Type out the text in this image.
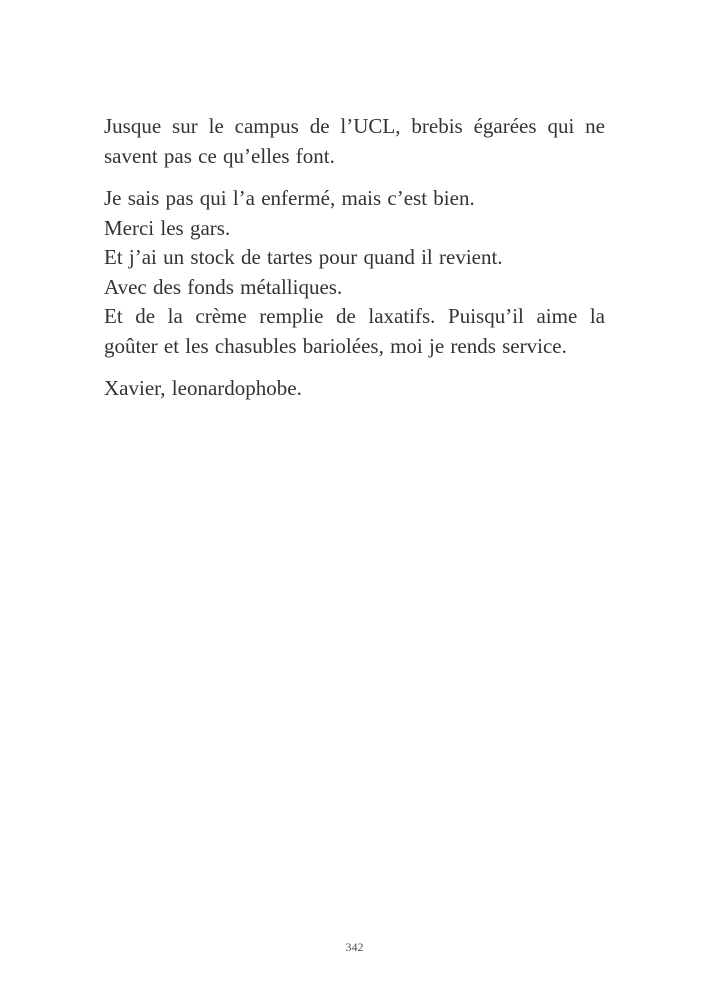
Jusque sur le campus de l’UCL, brebis égarées qui ne savent pas ce qu’elles font.

Je sais pas qui l’a enfermé, mais c’est bien.

Merci les gars.

Et j’ai un stock de tartes pour quand il revient.

Avec des fonds métalliques.

Et de la crème remplie de laxatifs. Puisqu’il aime la goûter et les chasubles bariolées, moi je rends service.

Xavier, leonardophobe.

342
